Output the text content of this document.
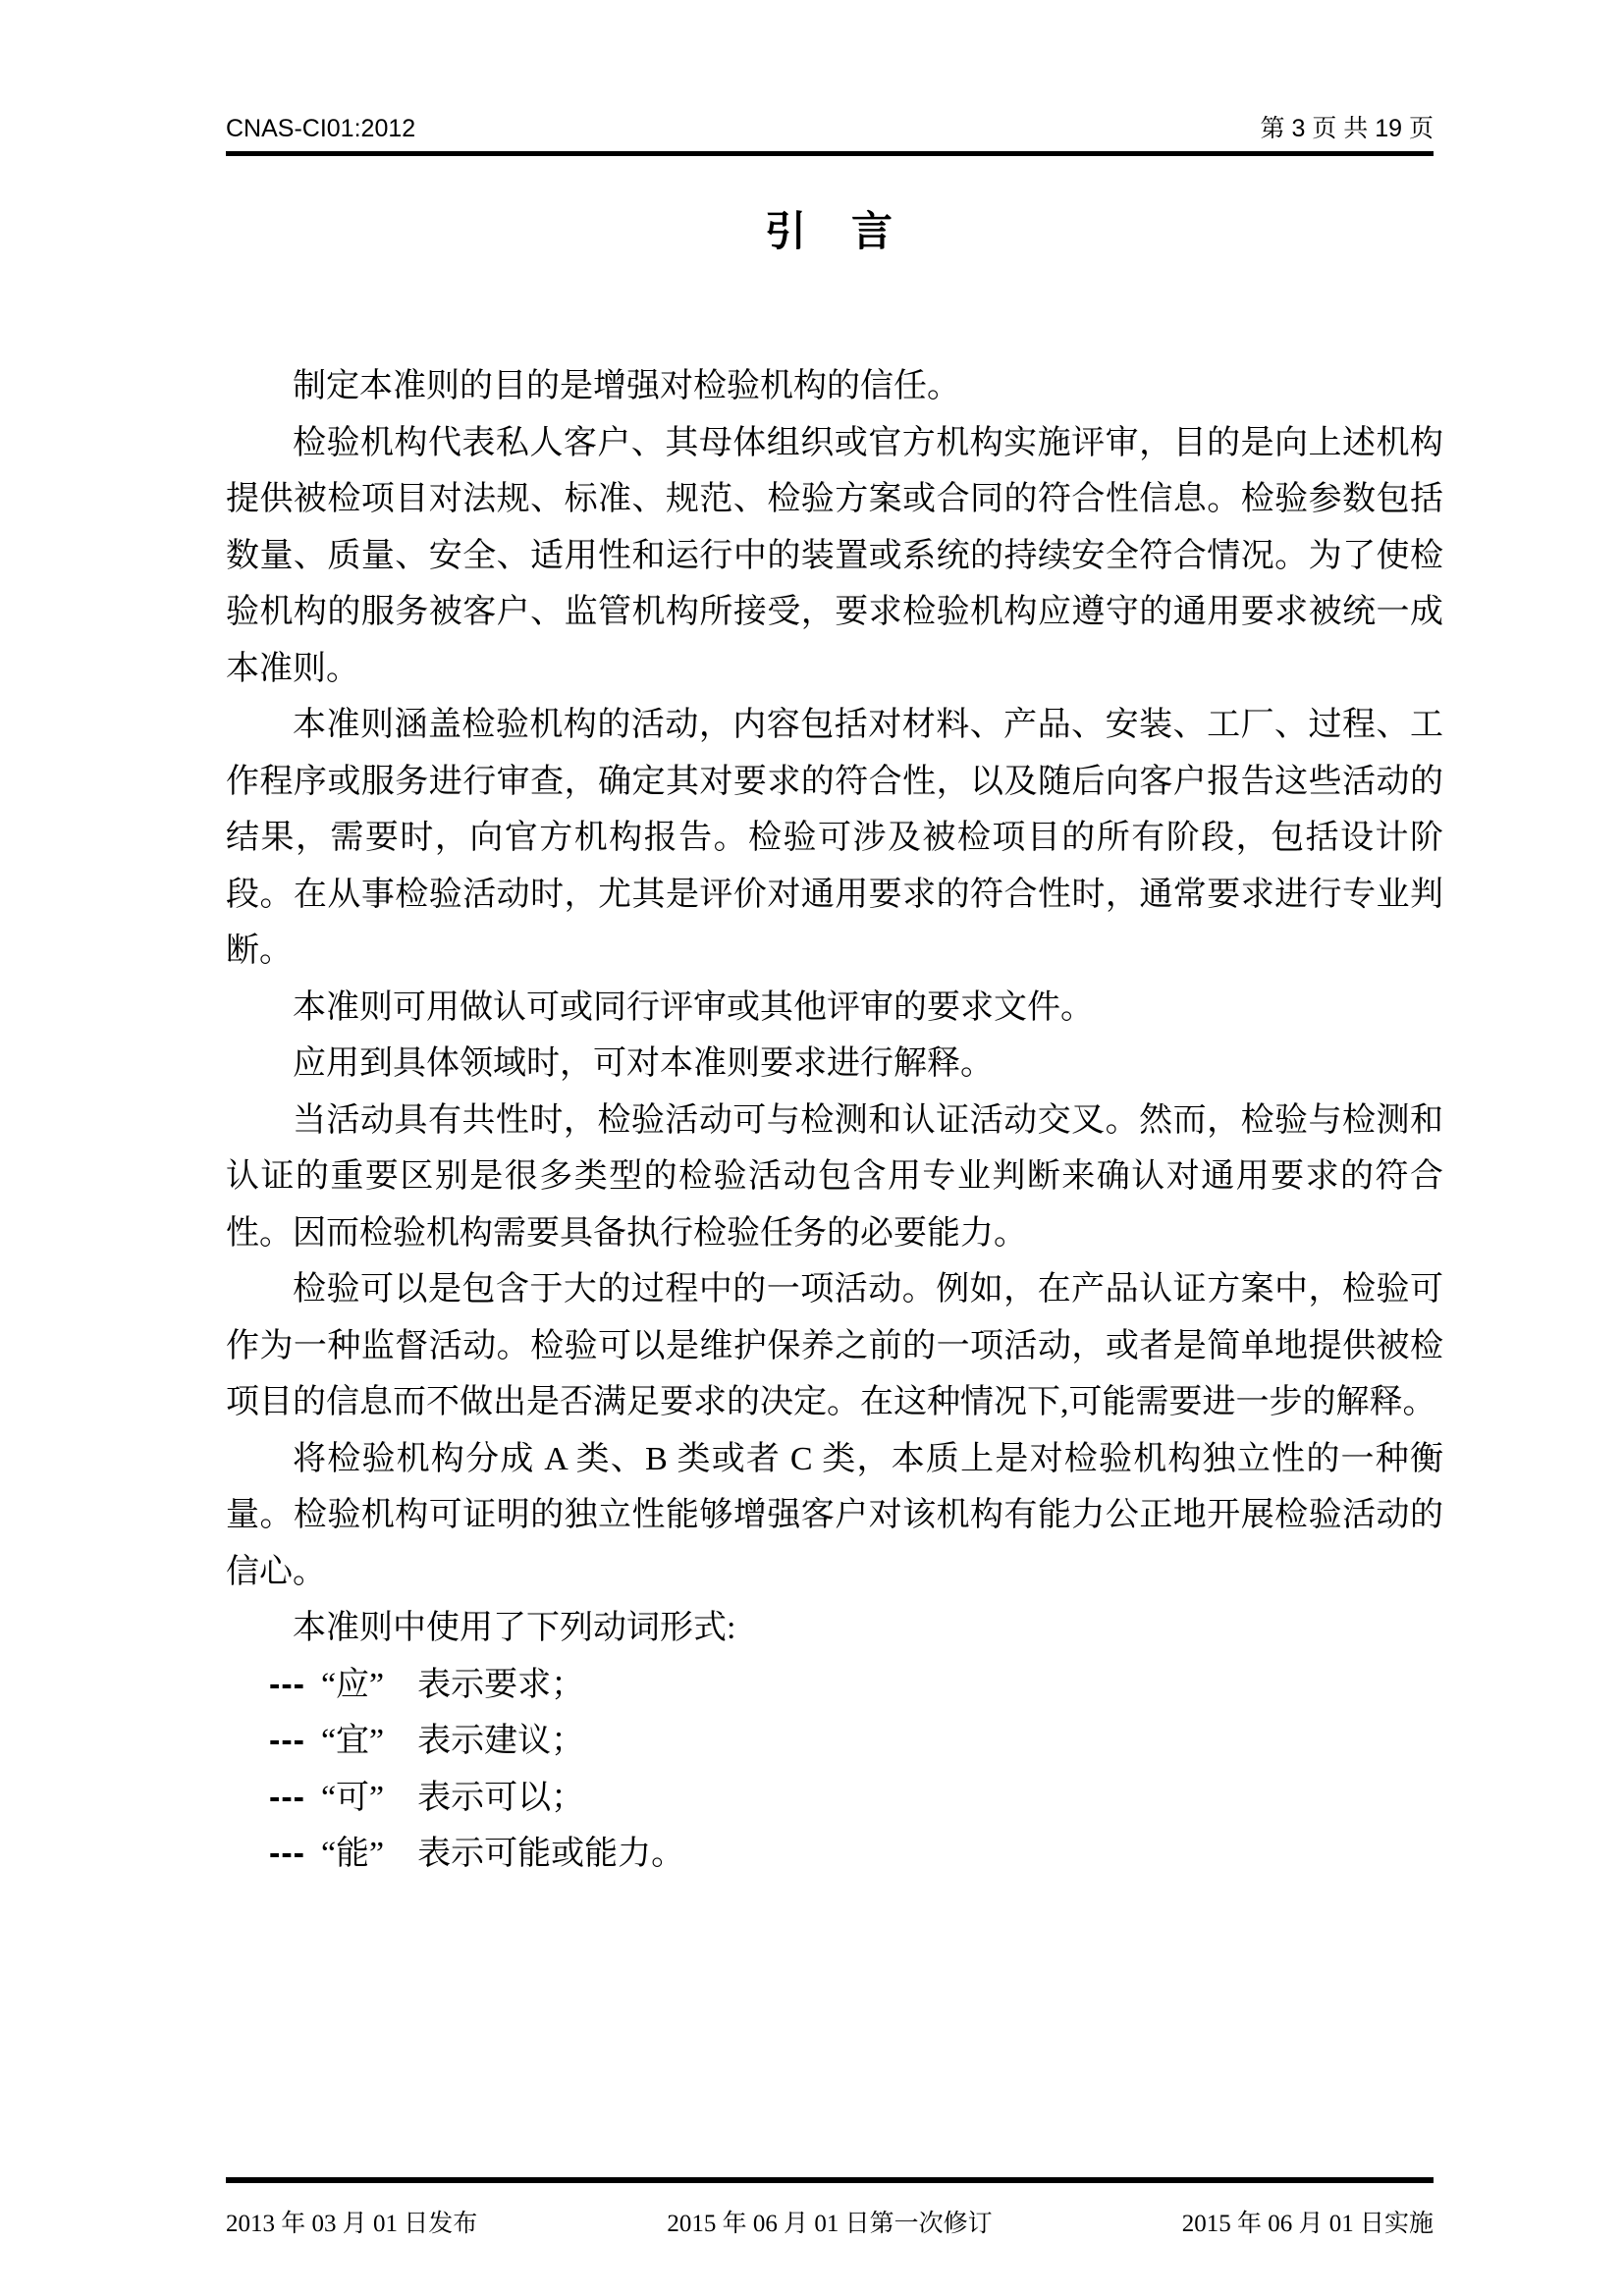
CNAS-CI01:2012	第 3 页 共 19 页
引　言

制定本准则的目的是增强对检验机构的信任。

检验机构代表私人客户、其母体组织或官方机构实施评审，目的是向上述机构提供被检项目对法规、标准、规范、检验方案或合同的符合性信息。检验参数包括数量、质量、安全、适用性和运行中的装置或系统的持续安全符合情况。为了使检验机构的服务被客户、监管机构所接受，要求检验机构应遵守的通用要求被统一成本准则。

本准则涵盖检验机构的活动，内容包括对材料、产品、安装、工厂、过程、工作程序或服务进行审查，确定其对要求的符合性，以及随后向客户报告这些活动的结果，需要时，向官方机构报告。检验可涉及被检项目的所有阶段，包括设计阶段。在从事检验活动时，尤其是评价对通用要求的符合性时，通常要求进行专业判断。

本准则可用做认可或同行评审或其他评审的要求文件。

应用到具体领域时，可对本准则要求进行解释。

当活动具有共性时，检验活动可与检测和认证活动交叉。然而，检验与检测和认证的重要区别是很多类型的检验活动包含用专业判断来确认对通用要求的符合性。因而检验机构需要具备执行检验任务的必要能力。

检验可以是包含于大的过程中的一项活动。例如，在产品认证方案中，检验可作为一种监督活动。检验可以是维护保养之前的一项活动，或者是简单地提供被检项目的信息而不做出是否满足要求的决定。在这种情况下,可能需要进一步的解释。

将检验机构分成 A 类、B 类或者 C 类，本质上是对检验机构独立性的一种衡量。检验机构可证明的独立性能够增强客户对该机构有能力公正地开展检验活动的信心。

本准则中使用了下列动词形式:

--- “应” 表示要求；
--- “宜” 表示建议；
--- “可” 表示可以；
--- “能” 表示可能或能力。
2013 年 03 月 01 日发布	2015 年 06 月 01 日第一次修订	2015 年 06 月 01 日实施
